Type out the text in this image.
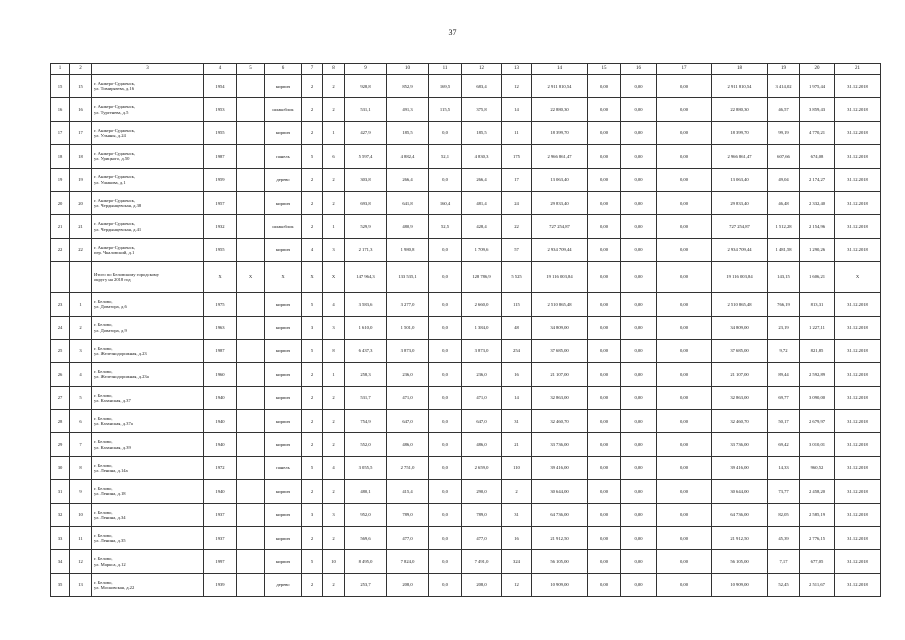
37
1	2	3	4	5	6	7	8	9	10	11	12	13	14	15	16	17	18	19	20	21
15	15	г. Анжеро-Судженск,
ул. Тимирязева, д.16	1954		кирпич	2	2	928,8	852,9	169,5	683,4	12	2 911 810,54	0,00	0,00	0,00	2 911 810,54	3 414,02	1 975,44	31.12.2018
16	16	г. Анжеро-Судженск,
ул. Тургенева, д.5	1953		шлакоблок	2	2	531,1	491,3	115,5	375,8	14	22 880,30	0,00	0,00	0,00	22 880,30	46,57	3 859,43	31.12.2018
17	17	г. Анжеро-Судженск,
ул. Ульяны, д.24	1955		кирпич	2	1	427,9	185,5	0,0	185,5	11	18 399,70	0,00	0,00	0,00	18 399,70	99,19	4 770,21	31.12.2018
18	18	г. Анжеро-Судженск,
ул. Урицкого, д.50	1987		панель	5	6	5 597,4	4 882,4	52,1	4 830,3	175	2 966 861,47	0,00	0,00	0,00	2 966 861,47	607,66	674,08	31.12.2018
19	19	г. Анжеро-Судженск,
ул. Ушакова, д.1	1959		дерево	2	2	303,8	266,4	0,0	266,4	17	13 063,40	0,00	0,00	0,00	13 063,40	49,04	2 174,27	31.12.2018
20	20	г. Анжеро-Судженск,
ул. Чердынцевская, д.38	1957		кирпич	2	2	693,8	641,8	160,4	481,4	24	29 833,40	0,00	0,00	0,00	29 833,40	46,48	2 332,40	31.12.2018
21	21	г. Анжеро-Судженск,
ул. Чердынцевская, д.41	1932		шлакоблок	2	1	529,9	480,9	52,5	428,4	22	727 254,87	0,00	0,00	0,00	727 254,87	1 512,28	2 154,96	31.12.2018
22	22	г. Анжеро-Судженск,
пер. Чкаловский, д.1	1955		кирпич	4	3	2 171,3	1 980,8	0,0	1 709,6	57	2 934 709,44	0,00	0,00	0,00	2 934 709,44	1 481,58	1 290,26	31.12.2018

		Итого по Беловскому городскому
округу на 2018 год	X	X	X	X	X	147 964,3	133 535,1	0,0	128 786,9	5 525	19 116 003,84	0,00	0,00	0,00	19 116 003,84	143,15	1 606,21	X
23	1	г. Белово,
ул. Доватора, д.6	1975		кирпич	5	4	3 583,6	3 277,0	0,0	2 660,0	115	2 510 865,48	0,00	0,00	0,00	2 510 865,48	766,19	813,31	31.12.2018
24	2	г. Белово,
ул. Доватора, д.9	1963		кирпич	3	3	1 610,0	1 501,0	0,0	1 384,0	48	34 809,00	0,00	0,00	0,00	34 809,00	23,19	1 227,11	31.12.2018
25	3	г. Белово,
ул. Железнодорожная, д.23	1987		кирпич	5	8	6 437,3	3 873,0	0,0	3 873,0	254	37 685,00	0,00	0,00	0,00	37 685,00	9,72	821,85	31.12.2018
26	4	г. Белово,
ул. Железнодорожная, д.23а	1960		кирпич	2	1	258,3	236,0	0,0	236,0	16	21 107,00	0,00	0,00	0,00	21 107,00	89,44	2 592,89	31.12.2018
27	5	г. Белово,
ул. Казанская, д.37	1940		кирпич	2	2	531,7	471,0	0,0	471,0	14	32 863,00	0,00	0,00	0,00	32 863,00	69,77	3 090,00	31.12.2018
28	6	г. Белово,
ул. Казанская, д.37а	1940		кирпич	2	2	754,9	647,0	0,0	647,0	31	32 460,70	0,00	0,00	0,00	32 460,70	50,17	2 679,97	31.12.2018
29	7	г. Белово,
ул. Казанская, д.39	1940		кирпич	2	2	552,0	486,0	0,0	486,0	21	33 736,00	0,00	0,00	0,00	33 736,00	69,42	3 010,01	31.12.2018
30	8	г. Белово,
ул. Ленина, д.14а	1972		панель	5	4	3 055,5	2 751,0	0,0	2 659,0	110	39 416,00	0,00	0,00	0,00	39 416,00	14,33	960,52	31.12.2018
31	9	г. Белово,
ул. Ленина, д.18	1940		кирпич	2	2	480,1	415,4	0,0	290,0	2	30 644,00	0,00	0,00	0,00	30 644,00	73,77	2 458,20	31.12.2018
32	10	г. Белово,
ул. Ленина, д.34	1937		кирпич	3	3	952,0	789,0	0,0	789,0	31	64 736,00	0,00	0,00	0,00	64 736,00	82,05	2 585,19	31.12.2018
33	11	г. Белово,
ул. Ленина, д.35	1937		кирпич	2	2	569,6	477,0	0,0	477,0	16	21 912,50	0,00	0,00	0,00	21 912,50	45,39	2 776,15	31.12.2018
34	12	г. Белово,
ул. Маркса, д.12	1997		кирпич	5	10	8 495,0	7 824,0	0,0	7 491,0	324	56 105,00	0,00	0,00	0,00	56 105,00	7,17	677,05	31.12.2018
35	13	г. Белово,
ул. Московская, д.22	1939		дерево	2	2	253,7	208,0	0,0	208,0	12	10 909,00	0,00	0,00	0,00	10 909,00	52,45	2 511,67	31.12.2018
